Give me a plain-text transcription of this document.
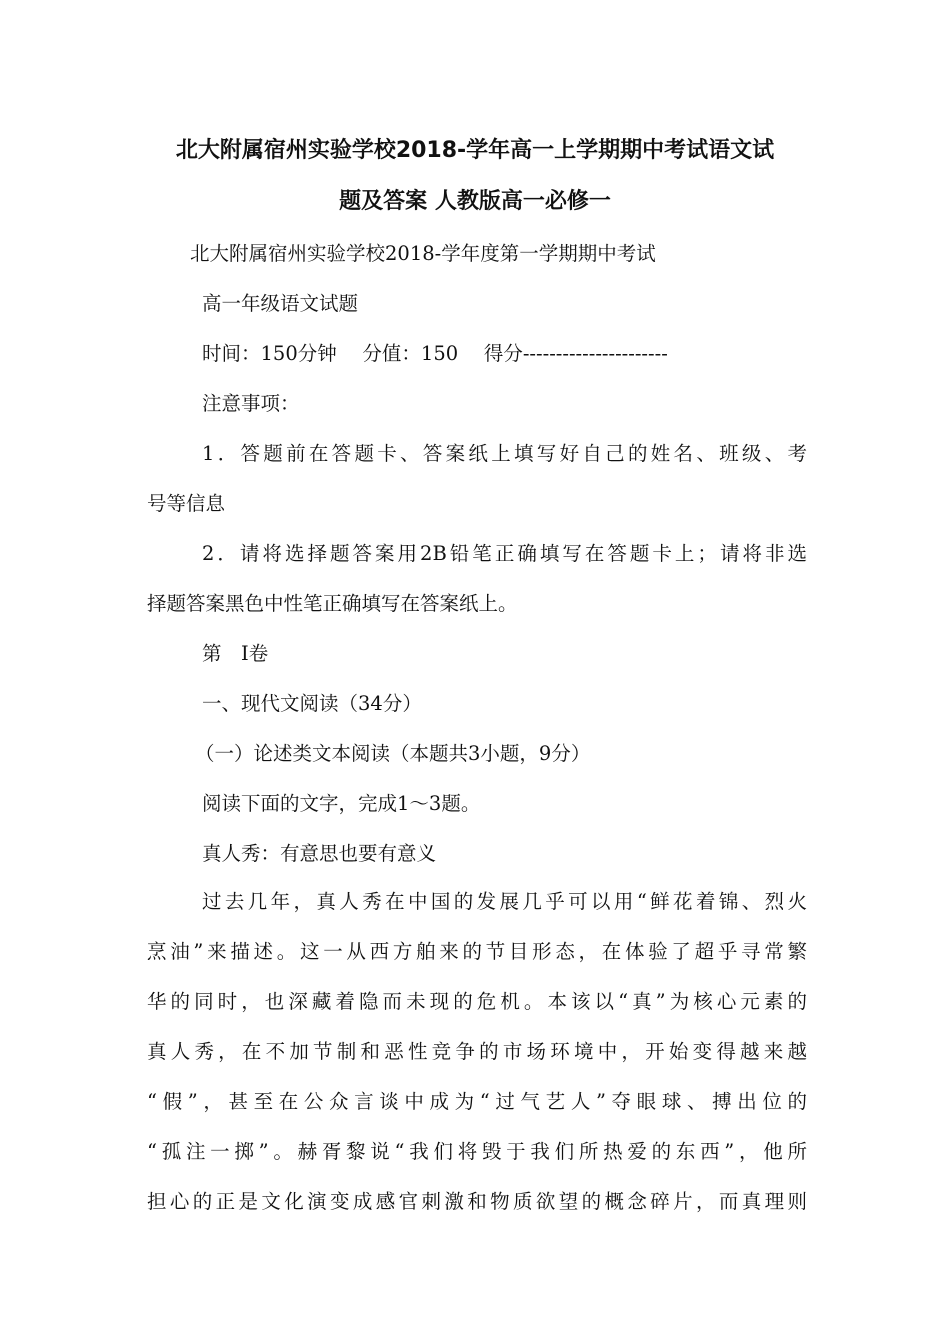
北大附属宿州实验学校2018-学年高一上学期期中考试语文试
题及答案 人教版高一必修一
北大附属宿州实验学校2018-学年度第一学期期中考试
高一年级语文试题
时间：150分钟　 分值：150　 得分----------------------
注意事项：
1．答题前在答题卡、答案纸上填写好自己的姓名、班级、考
号等信息
2．请将选择题答案用2B铅笔正确填写在答题卡上；请将非选
择题答案黑色中性笔正确填写在答案纸上。
第　Ⅰ卷
一、现代文阅读（34分）
（一）论述类文本阅读（本题共3小题，9分）
阅读下面的文字，完成1～3题。
真人秀：有意思也要有意义
过去几年，真人秀在中国的发展几乎可以用“鲜花着锦、烈火
烹油”来描述。这一从西方舶来的节目形态，在体验了超乎寻常繁
华的同时，也深藏着隐而未现的危机。本该以“真”为核心元素的
真人秀，在不加节制和恶性竞争的市场环境中，开始变得越来越
“假”，甚至在公众言谈中成为“过气艺人”夺眼球、搏出位的
“孤注一掷”。赫胥黎说“我们将毁于我们所热爱的东西”，他所
担心的正是文化演变成感官刺激和物质欲望的概念碎片，而真理则
